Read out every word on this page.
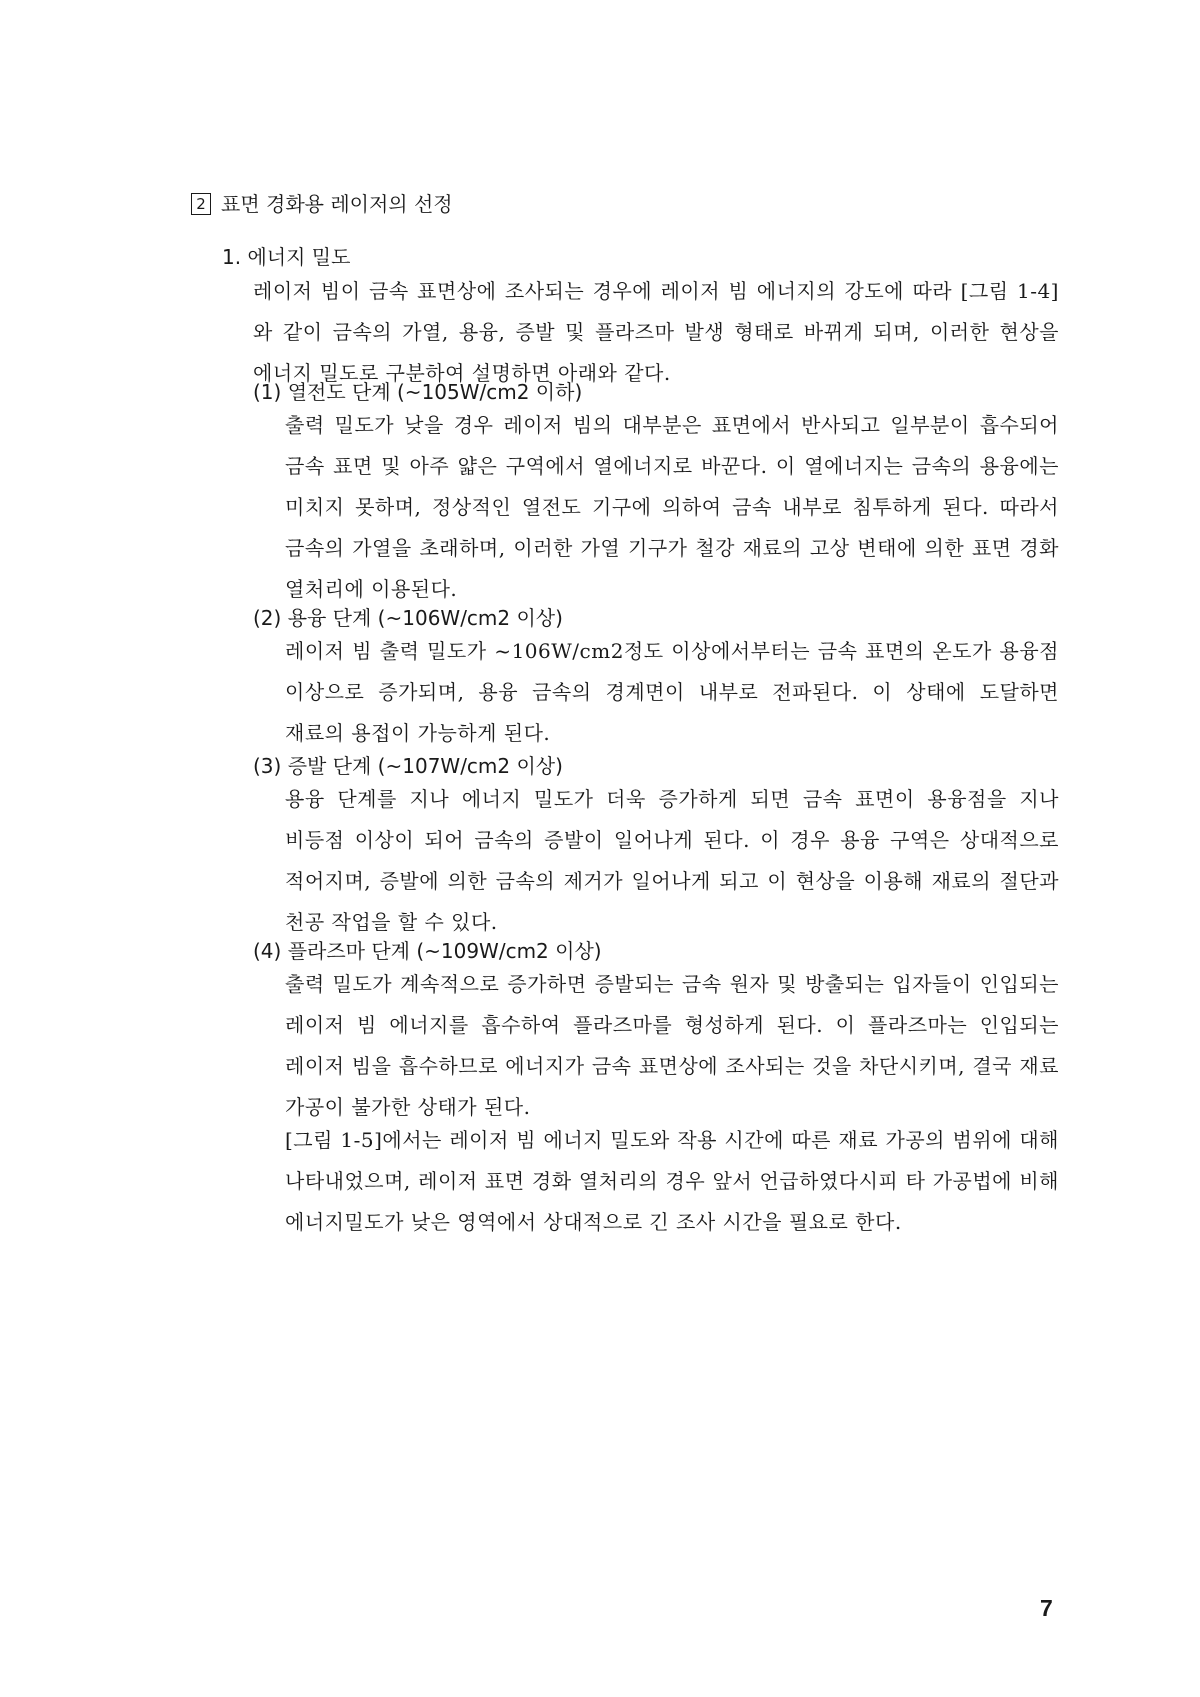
2 표면 경화용 레이저의 선정
1. 에너지 밀도
레이저 빔이 금속 표면상에 조사되는 경우에 레이저 빔 에너지의 강도에 따라 [그림 1-4]와 같이 금속의 가열, 용융, 증발 및 플라즈마 발생 형태로 바뀌게 되며, 이러한 현상을 에너지 밀도로 구분하여 설명하면 아래와 같다.
(1) 열전도 단계 (~105W/cm2 이하)
출력 밀도가 낮을 경우 레이저 빔의 대부분은 표면에서 반사되고 일부분이 흡수되어 금속 표면 및 아주 얇은 구역에서 열에너지로 바꾼다. 이 열에너지는 금속의 용융에는 미치지 못하며, 정상적인 열전도 기구에 의하여 금속 내부로 침투하게 된다. 따라서 금속의 가열을 초래하며, 이러한 가열 기구가 철강 재료의 고상 변태에 의한 표면 경화 열처리에 이용된다.
(2) 용융 단계 (~106W/cm2 이상)
레이저 빔 출력 밀도가 ~106W/cm2정도 이상에서부터는 금속 표면의 온도가 용융점 이상으로 증가되며, 용융 금속의 경계면이 내부로 전파된다. 이 상태에 도달하면 재료의 용접이 가능하게 된다.
(3) 증발 단계 (~107W/cm2 이상)
용융 단계를 지나 에너지 밀도가 더욱 증가하게 되면 금속 표면이 용융점을 지나 비등점 이상이 되어 금속의 증발이 일어나게 된다. 이 경우 용융 구역은 상대적으로 적어지며, 증발에 의한 금속의 제거가 일어나게 되고 이 현상을 이용해 재료의 절단과 천공 작업을 할 수 있다.
(4) 플라즈마 단계 (~109W/cm2 이상)
출력 밀도가 계속적으로 증가하면 증발되는 금속 원자 및 방출되는 입자들이 인입되는 레이저 빔 에너지를 흡수하여 플라즈마를 형성하게 된다. 이 플라즈마는 인입되는 레이저 빔을 흡수하므로 에너지가 금속 표면상에 조사되는 것을 차단시키며, 결국 재료 가공이 불가한 상태가 된다.
[그림 1-5]에서는 레이저 빔 에너지 밀도와 작용 시간에 따른 재료 가공의 범위에 대해 나타내었으며, 레이저 표면 경화 열처리의 경우 앞서 언급하였다시피 타 가공법에 비해 에너지밀도가 낮은 영역에서 상대적으로 긴 조사 시간을 필요로 한다.
7
